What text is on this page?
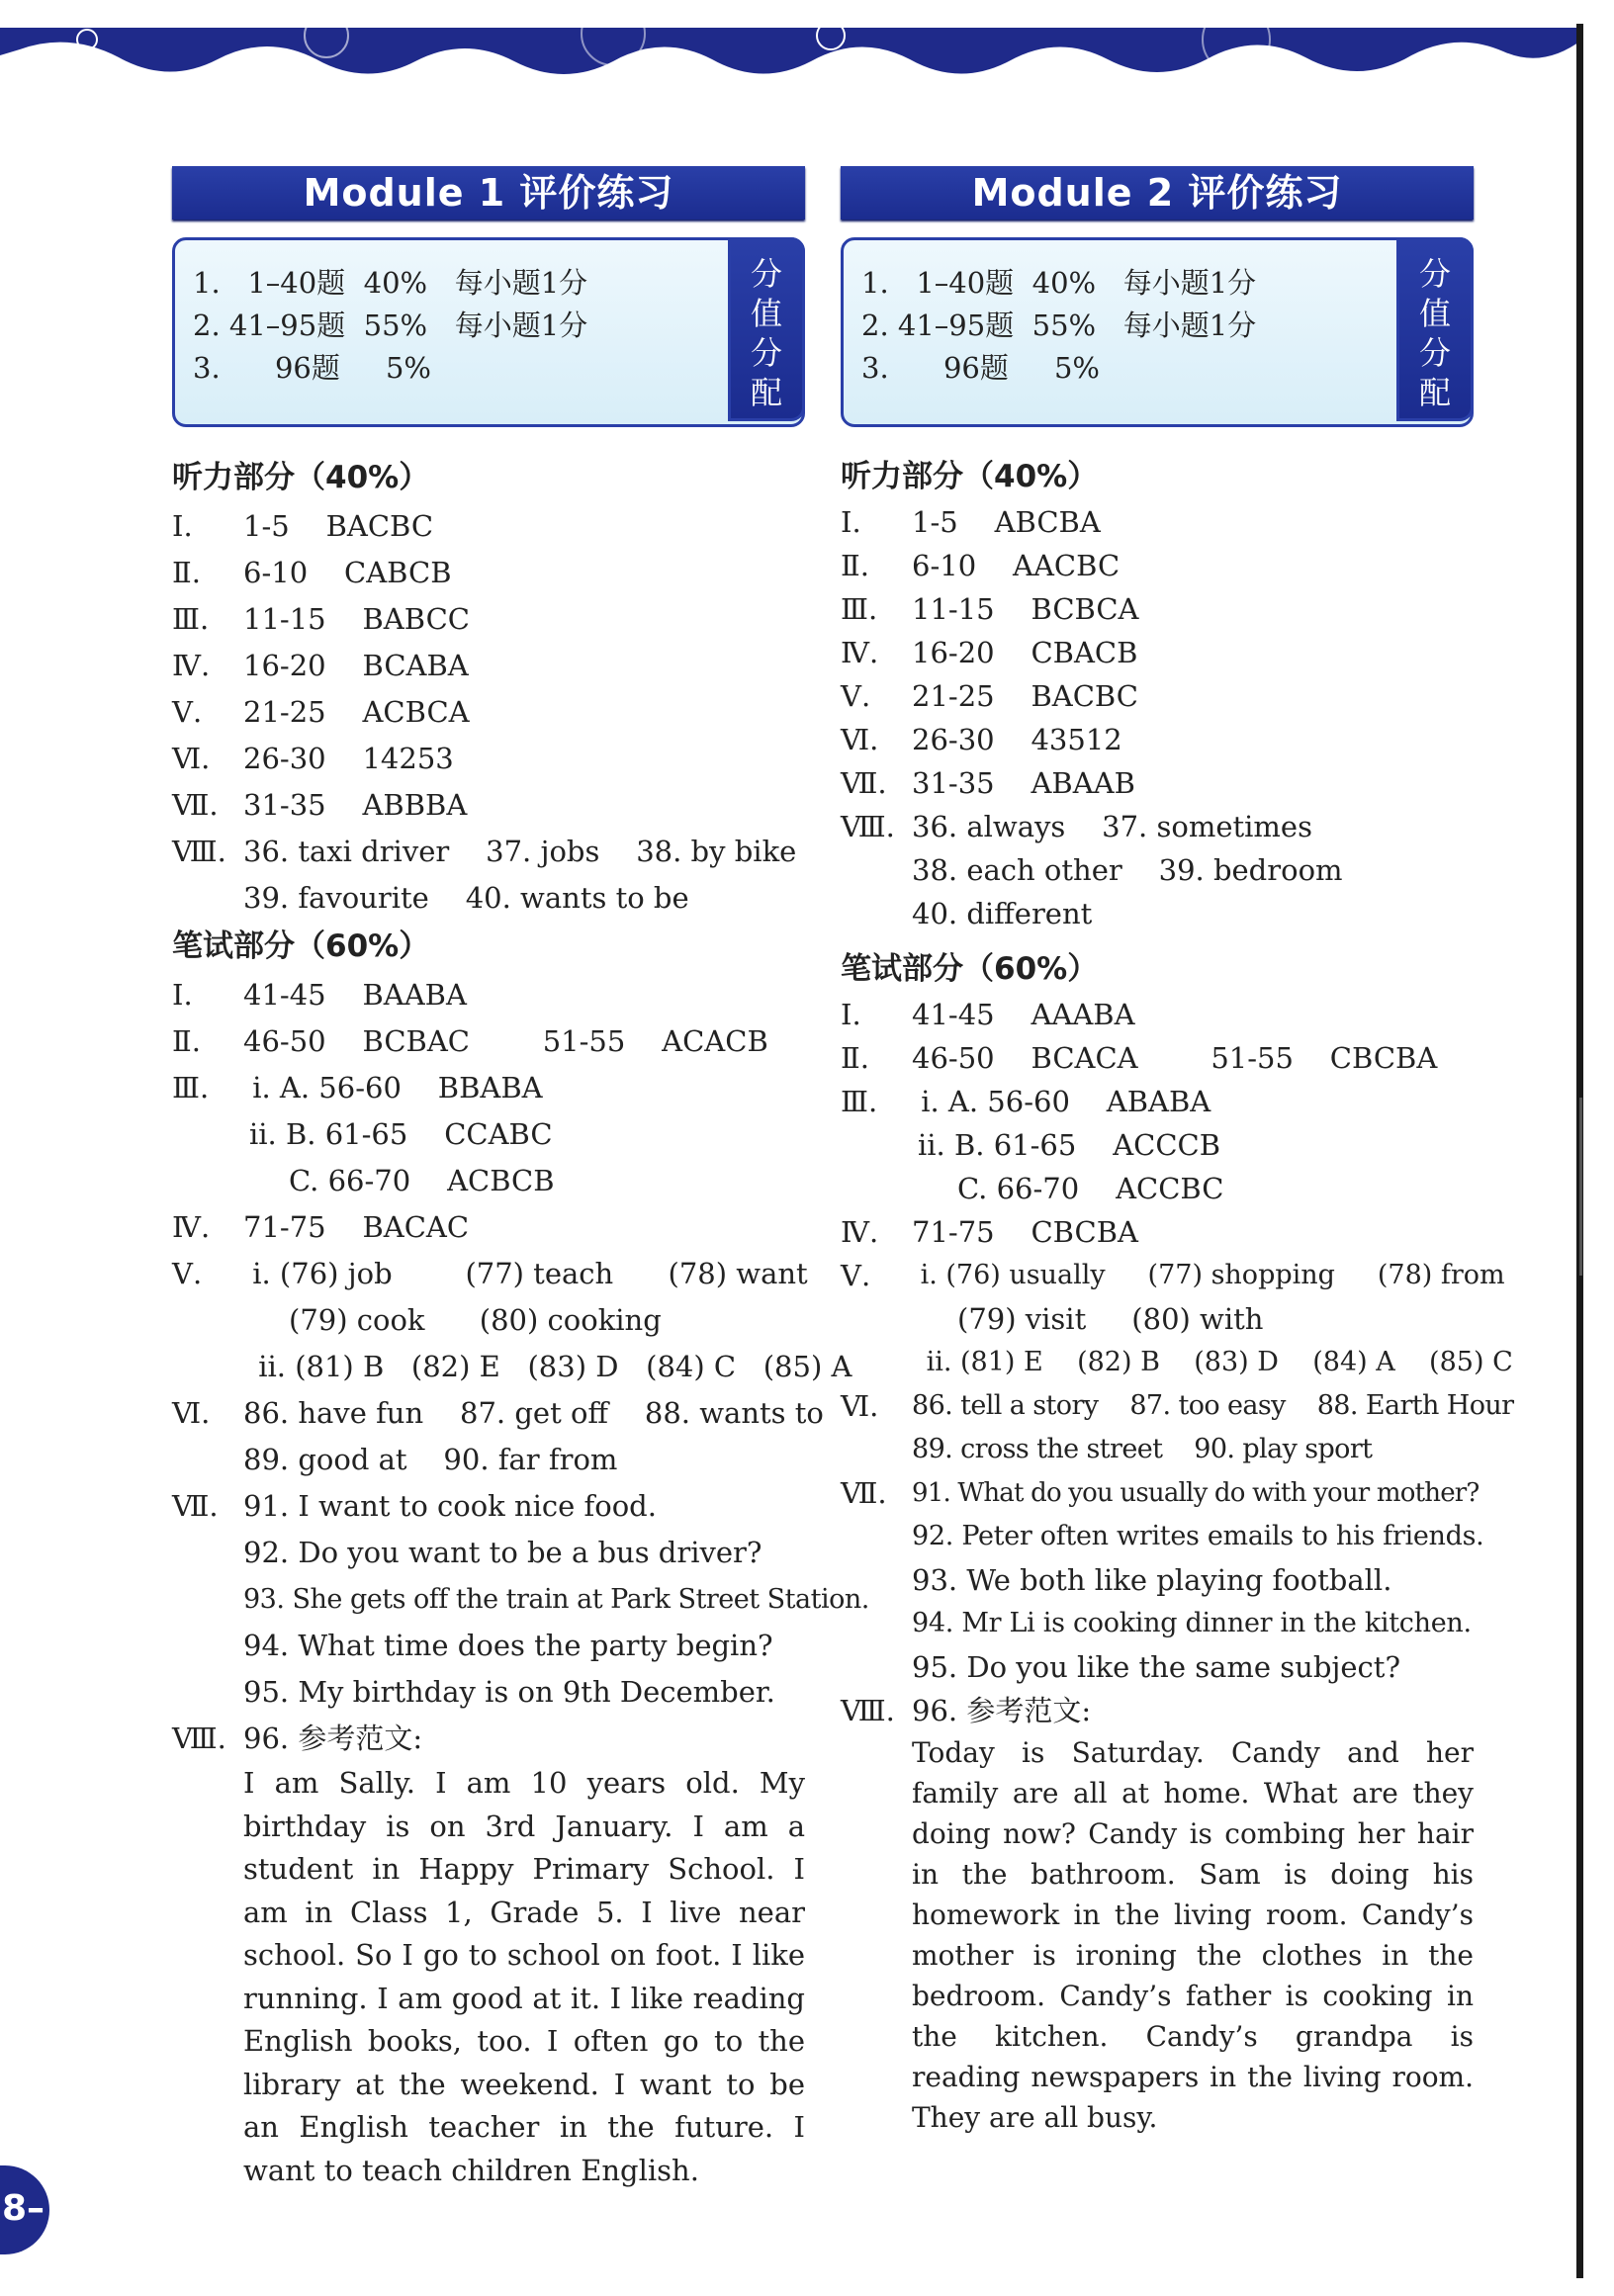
8–
Module 1 评价练习
1.   1–40题  40%   每小题1分
2. 41–95题  55%   每小题1分
3.      96题     5%
分
值
分
配
听力部分（40%）
Ⅰ.	1-5    BACBC
Ⅱ.	6-10    CABCB
Ⅲ.	11-15    BABCC
Ⅳ.	16-20    BCABA
Ⅴ.	21-25    ACBCA
Ⅵ.	26-30    14253
Ⅶ. 31-35    ABBBA
Ⅷ. 36. taxi driver    37. jobs    38. by bike
39. favourite    40. wants to be
笔试部分（60%）
Ⅰ.	41-45    BAABA
Ⅱ.	46-50    BCBAC        51-55    ACACB
Ⅲ.	ⅰ. A. 56-60    BBABA
ⅱ. B. 61-65    CCABC
C. 66-70    ACBCB
Ⅳ.	71-75    BACAC
Ⅴ.	ⅰ. (76) job        (77) teach      (78) want
(79) cook      (80) cooking
ⅱ. (81) B   (82) E   (83) D   (84) C   (85) A
Ⅵ.	86. have fun    87. get off    88. wants to
89. good at    90. far from
Ⅶ. 91. I want to cook nice food.
92. Do you want to be a bus driver?
93. She gets off the train at Park Street Station.
94. What time does the party begin?
95. My birthday is on 9th December.
Ⅷ. 96. 参考范文:
I am Sally. I am 10 years old. My birthday is on 3rd January. I am a student in Happy Primary School. I am in Class 1, Grade 5. I live near school. So I go to school on foot. I like running. I am good at it. I like reading English books, too. I often go to the library at the weekend. I want to be an English teacher in the future. I want to teach children English.
Module 2 评价练习
1.   1–40题  40%   每小题1分
2. 41–95题  55%   每小题1分
3.      96题     5%
分
值
分
配
听力部分（40%）
Ⅰ.	1-5    ABCBA
Ⅱ.	6-10    AACBC
Ⅲ.	11-15    BCBCA
Ⅳ.	16-20    CBACB
Ⅴ.	21-25    BACBC
Ⅵ.	26-30    43512
Ⅶ. 31-35    ABAAB
Ⅷ. 36. always    37. sometimes
38. each other    39. bedroom
40. different
笔试部分（60%）
Ⅰ.	41-45    AAABA
Ⅱ.	46-50    BCACA        51-55    CBCBA
Ⅲ.	ⅰ. A. 56-60    ABABA
ⅱ. B. 61-65    ACCCB
C. 66-70    ACCBC
Ⅳ.	71-75    CBCBA
Ⅴ.	ⅰ. (76) usually     (77) shopping     (78) from
(79) visit     (80) with
ⅱ. (81) E    (82) B    (83) D    (84) A    (85) C
Ⅵ.	86. tell a story    87. too easy    88. Earth Hour
89. cross the street    90. play sport
Ⅶ. 91. What do you usually do with your mother?
92. Peter often writes emails to his friends.
93. We both like playing football.
94. Mr Li is cooking dinner in the kitchen.
95. Do you like the same subject?
Ⅷ. 96. 参考范文:
Today is Saturday. Candy and her family are all at home. What are they doing now? Candy is combing her hair in the bathroom. Sam is doing his homework in the living room. Candy’s mother is ironing the clothes in the bedroom. Candy’s father is cooking in the kitchen. Candy’s grandpa is reading newspapers in the living room. They are all busy.
